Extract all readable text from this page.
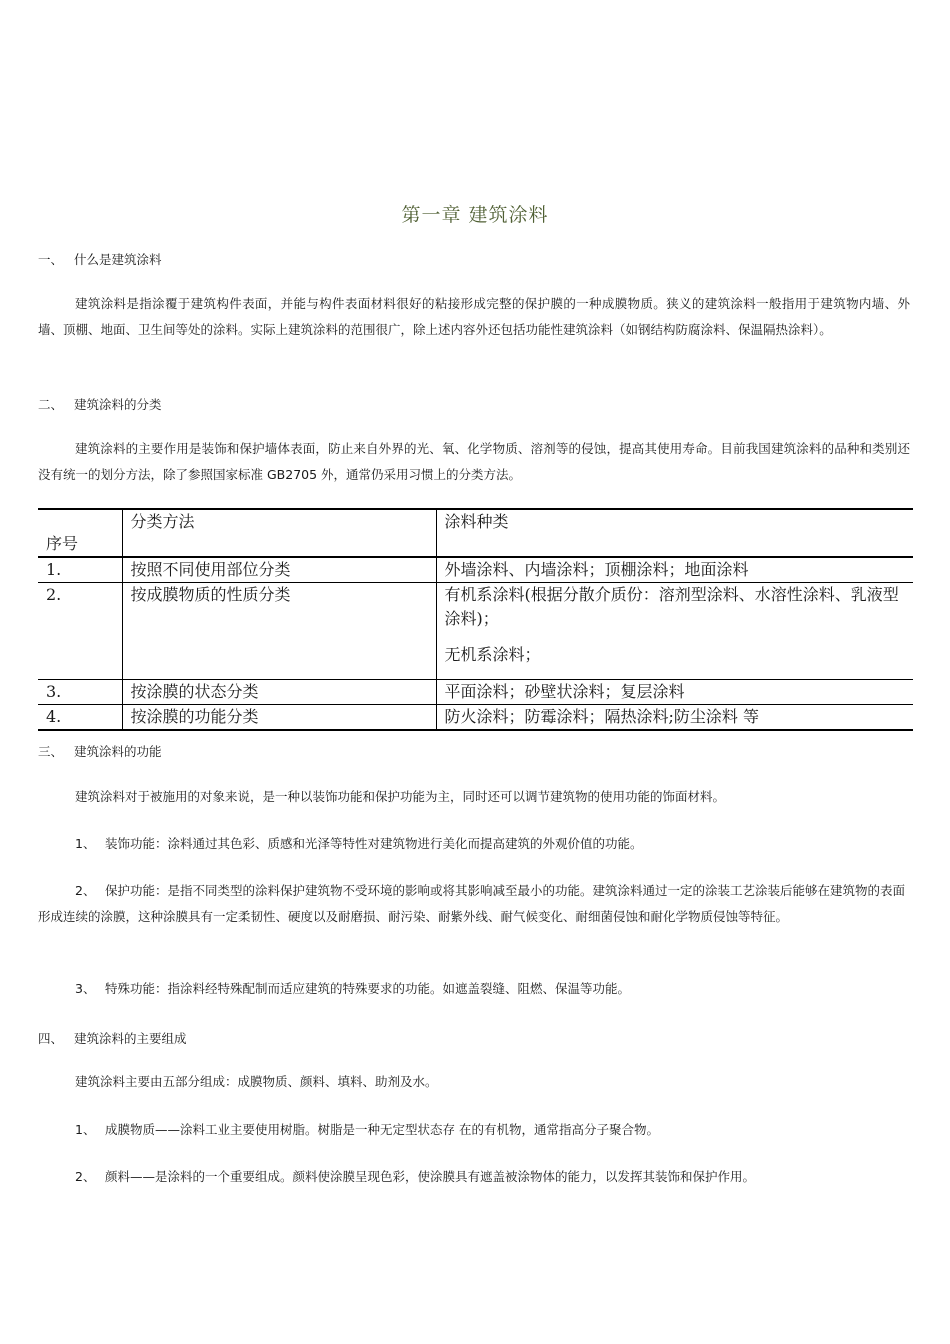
第一章 建筑涂料
一、 什么是建筑涂料
建筑涂料是指涂覆于建筑构件表面，并能与构件表面材料很好的粘接形成完整的保护膜的一种成膜物质。狭义的建筑涂料一般指用于建筑物内墙、外墙、顶棚、地面、卫生间等处的涂料。实际上建筑涂料的范围很广，除上述内容外还包括功能性建筑涂料（如钢结构防腐涂料、保温隔热涂料）。
二、 建筑涂料的分类
建筑涂料的主要作用是装饰和保护墙体表面，防止来自外界的光、氧、化学物质、溶剂等的侵蚀，提高其使用寿命。目前我国建筑涂料的品种和类别还没有统一的划分方法，除了参照国家标准 GB2705 外，通常仍采用习惯上的分类方法。
序号	分类方法	涂料种类
1.	按照不同使用部位分类	外墙涂料、内墙涂料；顶棚涂料；地面涂料
2.	按成膜物质的性质分类	有机系涂料(根据分散介质份：溶剂型涂料、水溶性涂料、乳液型涂料)；
无机系涂料；

3.	按涂膜的状态分类	平面涂料；砂壁状涂料；复层涂料
4.	按涂膜的功能分类	防火涂料；防霉涂料；隔热涂料;防尘涂料 等
三、 建筑涂料的功能
建筑涂料对于被施用的对象来说，是一种以装饰功能和保护功能为主，同时还可以调节建筑物的使用功能的饰面材料。
1、 装饰功能：涂料通过其色彩、质感和光泽等特性对建筑物进行美化而提高建筑的外观价值的功能。
2、 保护功能：是指不同类型的涂料保护建筑物不受环境的影响或将其影响减至最小的功能。建筑涂料通过一定的涂装工艺涂装后能够在建筑物的表面形成连续的涂膜，这种涂膜具有一定柔韧性、硬度以及耐磨损、耐污染、耐紫外线、耐气候变化、耐细菌侵蚀和耐化学物质侵蚀等特征。
3、 特殊功能：指涂料经特殊配制而适应建筑的特殊要求的功能。如遮盖裂缝、阻燃、保温等功能。
四、 建筑涂料的主要组成
建筑涂料主要由五部分组成：成膜物质、颜料、填料、助剂及水。
1、 成膜物质——涂料工业主要使用树脂。树脂是一种无定型状态存 在的有机物，通常指高分子聚合物。
2、 颜料——是涂料的一个重要组成。颜料使涂膜呈现色彩，使涂膜具有遮盖被涂物体的能力，以发挥其装饰和保护作用。
